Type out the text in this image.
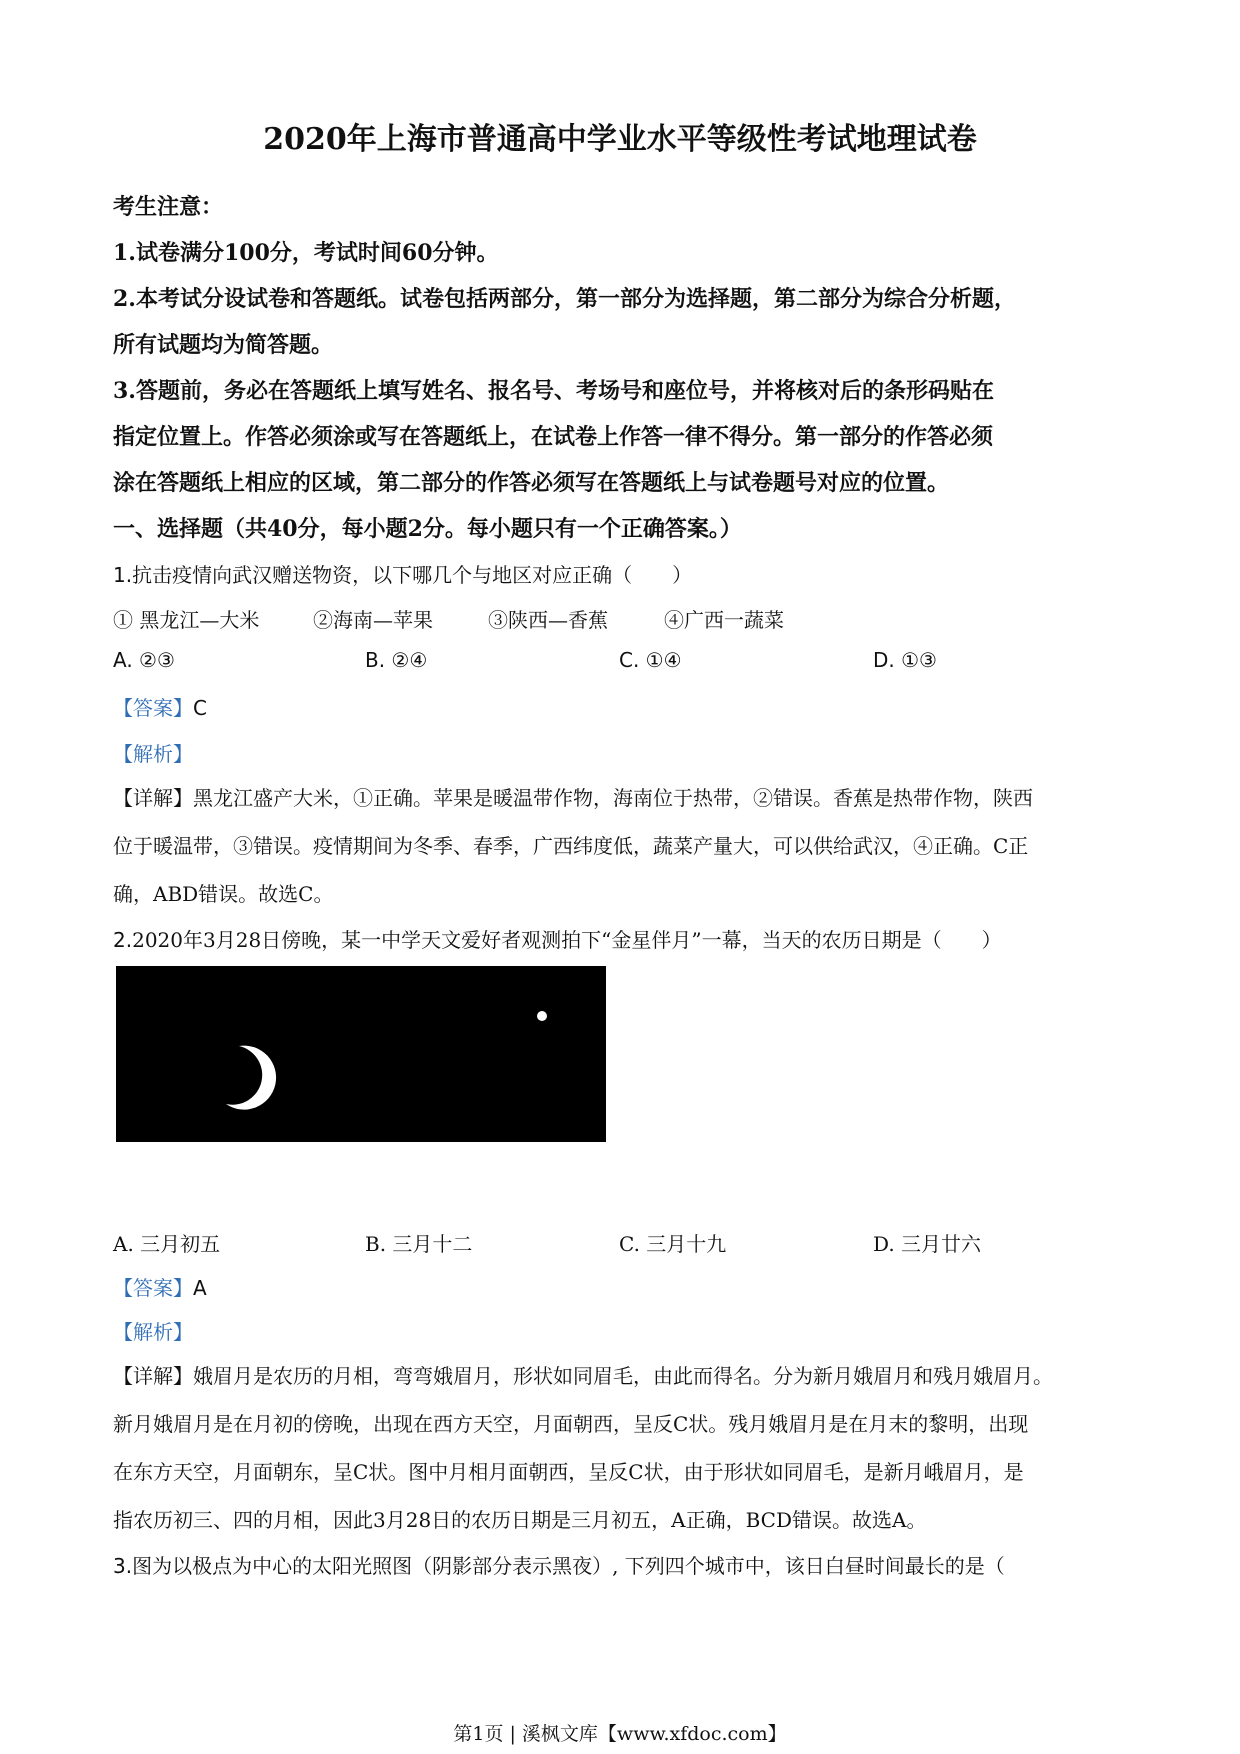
2020年上海市普通高中学业水平等级性考试地理试卷
考生注意：
1.试卷满分100分，考试时间60分钟。
2.本考试分设试卷和答题纸。试卷包括两部分，第一部分为选择题，第二部分为综合分析题，
所有试题均为简答题。
3.答题前，务必在答题纸上填写姓名、报名号、考场号和座位号，并将核对后的条形码贴在
指定位置上。作答必须涂或写在答题纸上，在试卷上作答一律不得分。第一部分的作答必须
涂在答题纸上相应的区域，第二部分的作答必须写在答题纸上与试卷题号对应的位置。
一、选择题（共40分，每小题2分。每小题只有一个正确答案。）
1.抗击疫情向武汉赠送物资，以下哪几个与地区对应正确（　　）
① 黑龙江—大米	②海南—苹果	③陕西—香蕉	④广西一蔬菜
A. ②③	B. ②④	C. ①④	D. ①③
【答案】C
【解析】
【详解】黑龙江盛产大米，①正确。苹果是暖温带作物，海南位于热带，②错误。香蕉是热带作物，陕西
位于暖温带，③错误。疫情期间为冬季、春季，广西纬度低，蔬菜产量大，可以供给武汉，④正确。C正
确，ABD错误。故选C。
2.2020年3月28日傍晚，某一中学天文爱好者观测拍下“金星伴月”一幕，当天的农历日期是（　　）
A. 三月初五	B. 三月十二	C. 三月十九	D. 三月廿六
【答案】A
【解析】
【详解】娥眉月是农历的月相，弯弯娥眉月，形状如同眉毛，由此而得名。分为新月娥眉月和残月娥眉月。
新月娥眉月是在月初的傍晚，出现在西方天空，月面朝西，呈反C状。残月娥眉月是在月末的黎明，出现
在东方天空，月面朝东，呈C状。图中月相月面朝西，呈反C状，由于形状如同眉毛，是新月峨眉月，是
指农历初三、四的月相，因此3月28日的农历日期是三月初五，A正确，BCD错误。故选A。
3.图为以极点为中心的太阳光照图（阴影部分表示黑夜）, 下列四个城市中，该日白昼时间最长的是（
第1页 | 溪枫文库【www.xfdoc.com】
